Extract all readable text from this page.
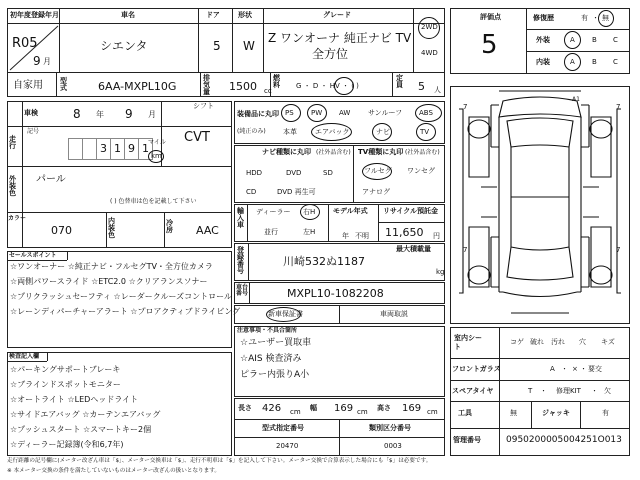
初年度登録年月
R05
9 月
車名
シエンタ
ドア
5
形状
W
グレード
Z ワンオーナ 純正ナビ TV
全方位
2WD
4WD
自家用 型式	6AA-MXPL10G
排気量 1500 cc
燃料 G ・ D ・ HV ・ ( )
定員 5 人
車検	8 年 9 月
シフト
CVT
走行
記号
3 1 9 1 マイル
km
外装色
パール
( ) 色替車は色を記載して下さい
カラー
070
内装色
冷房 AAC
セールスポイント
☆ワンオーナー ☆純正ナビ・フルセグTV・全方位カメラ
☆両側パワースライド ☆ETC2.0 ☆クリアランスソナー
☆プリクラッシュセーフティ ☆レーダークルーズコントロール
☆レーンディパーチャーアラート ☆プロアクティブドライビング
検査記入欄
☆パーキングサポートブレーキ
☆ブラインドスポットモニター
☆オートライト ☆LEDヘッドライト
☆サイドエアバッグ ☆カーテンエアバッグ
☆プッシュスタート ☆スマートキー2個
☆ディーラー記録簿(令和6,7年)
装備品に丸印
(純正のみ)
PS PW AW	サンルーフ ABS
本革	エアバック	ナビ	TV
ナビ種類に丸印 (社外品含む)
HDD	DVD	SD
CD	DVD 再生可
TV種類に丸印 (社外品含む)
フルセグ ワンセグ
アナログ
輸入車
ディーラー 右H
並行	左H
モデル年式
年 不明
リサイクル預託金
11,650 円
登録番号
最大積載量
川崎532ぬ1187
kg
車台番号	MXPL10-1082208
新車保証書	車両取説
注意事項・不具合箇所
☆ユーザー買取車
☆AIS 検査済み
ピラー内張りA小
長さ 426 cm 幅 169 cm 高さ 169 cm
型式指定番号
20470
類別区分番号
0003
評価点
5
修復歴	有 ・ 無
外装	A B C
内装	A B C
7	7
7	7
A1
室内シート
コゲ 破れ 汚れ 穴 キズ
フロントガラス	A ・ × ・ 要交
スペアタイヤ	T ・ 修理KIT ・ 欠
工具	無	ジャッキ	有
管理番号	0950200005004251O013
走行距離の記号欄に(メーター改ざん車は「$」、メーター交換車は「$」、走行不明車は「$」を記入して下さい。メーター交換で合算表示した場合にも「$」は必要です。
※ 本メーター交換の条件を満たしていないものはメーター改ざんの扱いとなります。
